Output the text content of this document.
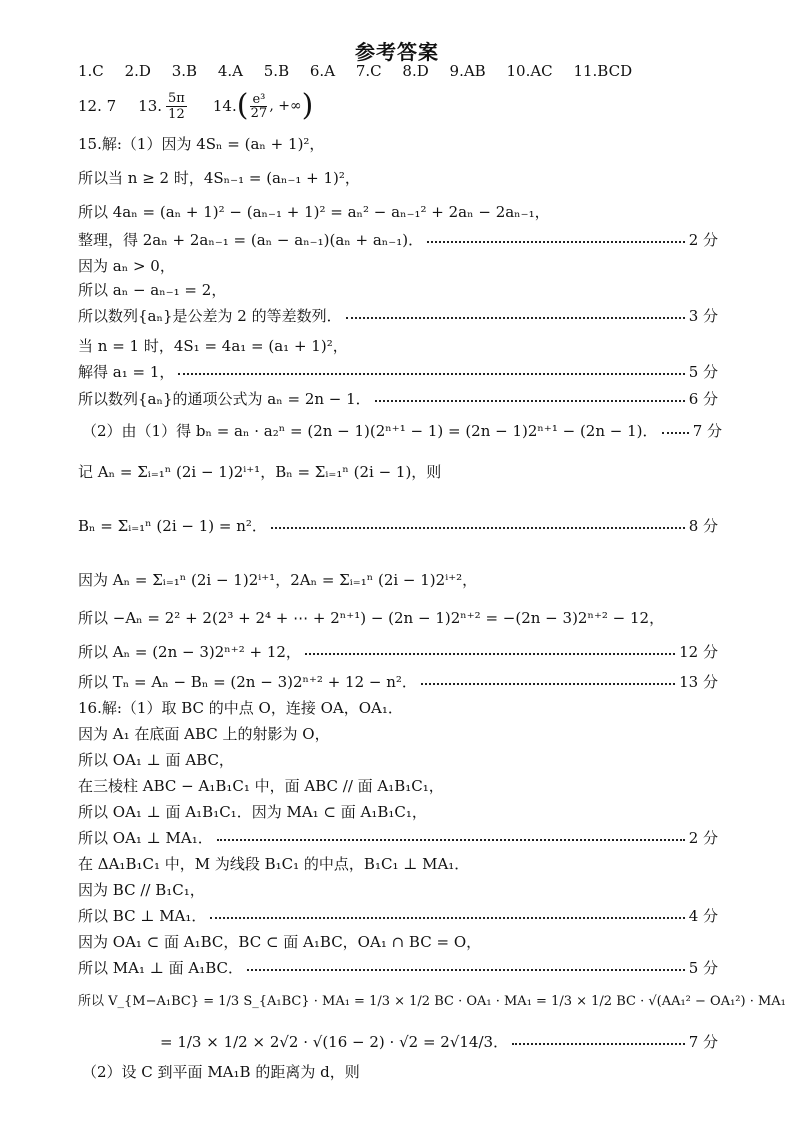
参考答案
1.C 2.D 3.B 4.A 5.B 6.A 7.C 8.D 9.AB 10.AC 11.BCD
12. 7 13. $\frac{5\pi}{12} 14$. ( $\frac{\text{e³}}{27}$ , +∞ )
15.解:（1）因为 4Sₙ = (aₙ + 1)²，
所以当 n ≥ 2 时，4Sₙ₋₁ = (aₙ₋₁ + 1)²，
所以 4aₙ = (aₙ + 1)² − (aₙ₋₁ + 1)² = aₙ² − aₙ₋₁² + 2aₙ − 2aₙ₋₁，
整理，得 2aₙ + 2aₙ₋₁ = (aₙ − aₙ₋₁)(aₙ + aₙ₋₁)．	2 分
因为 aₙ > 0，
所以 aₙ − aₙ₋₁ = 2，
所以数列{aₙ}是公差为 2 的等差数列．	3 分
当 n = 1 时，4S₁ = 4a₁ = (a₁ + 1)²，
解得 a₁ = 1，	5 分
所以数列{aₙ}的通项公式为 aₙ = 2n − 1．	6 分
（2）由（1）得 bₙ = aₙ · a₂ⁿ = (2n − 1)(2ⁿ⁺¹ − 1) = (2n − 1)2ⁿ⁺¹ − (2n − 1)． 7 分
记 Aₙ = Σᵢ₌₁ⁿ (2i − 1)2ⁱ⁺¹，Bₙ = Σᵢ₌₁ⁿ (2i − 1)，则
Bₙ = Σᵢ₌₁ⁿ (2i − 1) = n²．	8 分
因为 Aₙ = Σᵢ₌₁ⁿ (2i − 1)2ⁱ⁺¹，2Aₙ = Σᵢ₌₁ⁿ (2i − 1)2ⁱ⁺²，
所以 −Aₙ = 2² + 2(2³ + 2⁴ + ⋯ + 2ⁿ⁺¹) − (2n − 1)2ⁿ⁺² = −(2n − 3)2ⁿ⁺² − 12，
所以 Aₙ = (2n − 3)2ⁿ⁺² + 12，	12 分
所以 Tₙ = Aₙ − Bₙ = (2n − 3)2ⁿ⁺² + 12 − n²．	13 分
16.解:（1）取 BC 的中点 O，连接 OA，OA₁．
因为 A₁ 在底面 ABC 上的射影为 O，
所以 OA₁ ⊥ 面 ABC，
在三棱柱 ABC − A₁B₁C₁ 中，面 ABC // 面 A₁B₁C₁，
所以 OA₁ ⊥ 面 A₁B₁C₁．因为 MA₁ ⊂ 面 A₁B₁C₁，
所以 OA₁ ⊥ MA₁．	2 分
在 ΔA₁B₁C₁ 中，M 为线段 B₁C₁ 的中点，B₁C₁ ⊥ MA₁．
因为 BC // B₁C₁，
所以 BC ⊥ MA₁．	4 分
因为 OA₁ ⊂ 面 A₁BC，BC ⊂ 面 A₁BC，OA₁ ∩ BC = O，
所以 MA₁ ⊥ 面 A₁BC．	5 分
所以 V_{M−A₁BC} = 1/3 S_{A₁BC} · MA₁ = 1/3 × 1/2 BC · OA₁ · MA₁ = 1/3 × 1/2 BC · √(AA₁² − OA₁²) · MA₁
= 1/3 × 1/2 × 2√2 · √(16 − 2) · √2 = 2√14/3．	7 分
（2）设 C 到平面 MA₁B 的距离为 d，则
